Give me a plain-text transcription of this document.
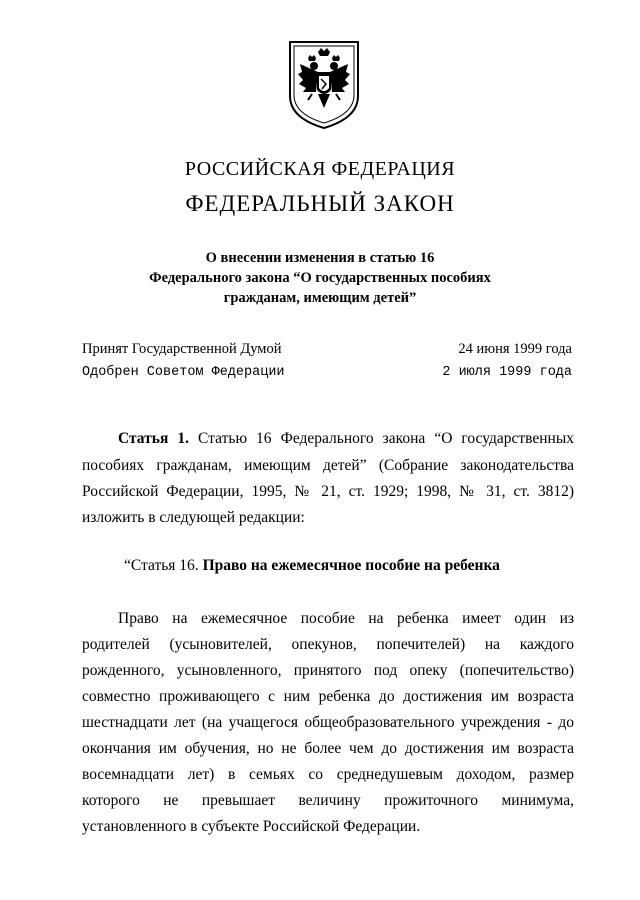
РОССИЙСКАЯ ФЕДЕРАЦИЯ
ФЕДЕРАЛЬНЫЙ ЗАКОН
О внесении изменения в статью 16
Федерального закона “О государственных пособиях
гражданам, имеющим детей”
Принят Государственной Думой
Одобрен Советом Федерации
24 июня 1999 года
2 июля 1999 года
Статья 1. Статью 16 Федерального закона “О государственных
пособиях гражданам, имеющим детей” (Собрание законодательства
Российской Федерации, 1995, № 21, ст. 1929; 1998, № 31, ст. 3812)
изложить в следующей редакции:
“Статья 16. Право на ежемесячное пособие на ребенка
Право на ежемесячное пособие на ребенка имеет один из
родителей (усыновителей, опекунов, попечителей) на каждого
рожденного, усыновленного, принятого под опеку (попечительство)
совместно проживающего с ним ребенка до достижения им возраста
шестнадцати лет (на учащегося общеобразовательного учреждения - до
окончания им обучения, но не более чем до достижения им возраста
восемнадцати лет) в семьях со среднедушевым доходом, размер
которого не превышает величину прожиточного минимума,
установленного в субъекте Российской Федерации.
